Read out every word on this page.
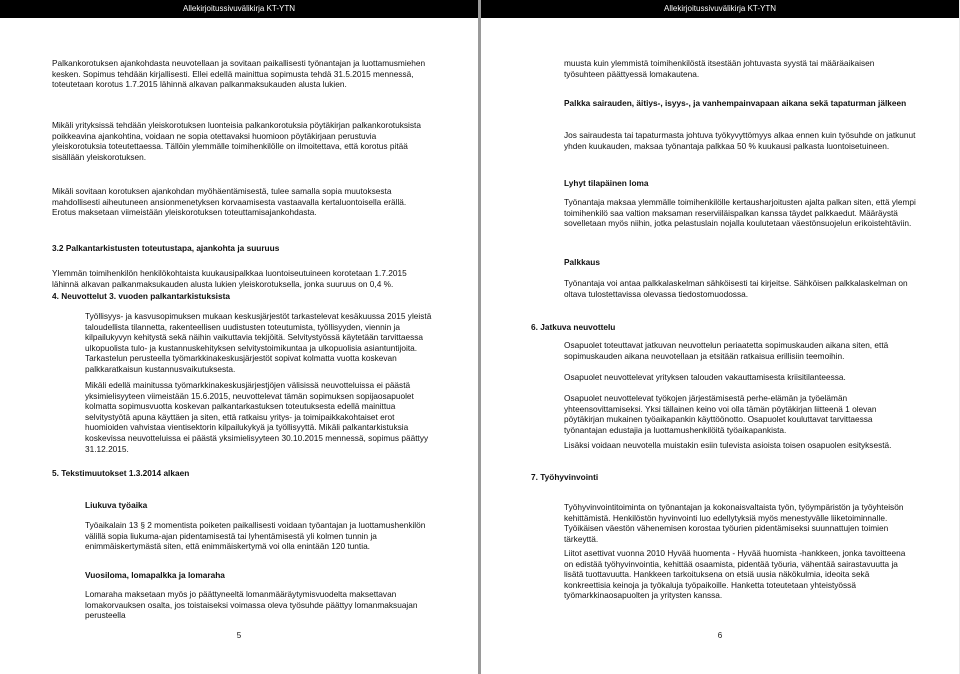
Allekirjoitussivuvälikirja KT-YTN

Palkankorotuksen ajankohdasta neuvotellaan ja sovitaan paikallisesti työnantajan ja luottamusmiehen kesken. Sopimus tehdään kirjallisesti. Ellei edellä mainittua sopimusta tehdä 31.5.2015 mennessä, toteutetaan korotus 1.7.2015 lähinnä alkavan palkanmaksukauden alusta lukien.

Mikäli yrityksissä tehdään yleiskorotuksen luonteisia palkankorotuksia pöytäkirjan palkankorotuksista poikkeavina ajankohtina, voidaan ne sopia otettavaksi huomioon pöytäkirjaan perustuvia yleiskorotuksia toteutettaessa. Tällöin ylemmälle toimihenkilölle on ilmoitettava, että korotus pitää sisällään yleiskorotuksen.

Mikäli sovitaan korotuksen ajankohdan myöhäentämisestä, tulee samalla sopia muutoksesta mahdollisesti aiheutuneen ansionmenetyksen korvaamisesta vastaavalla kertaluontoisella erällä. Erotus maksetaan viimeistään yleiskorotuksen toteuttamisajankohdasta.

3.2 Palkantarkistusten toteutustapa, ajankohta ja suuruus

Ylemmän toimihenkilön henkilökohtaista kuukausipalkkaa luontoiseutuineen korotetaan 1.7.2015 lähinnä alkavan palkanmaksukauden alusta lukien yleiskorotuksella, jonka suuruus on 0,4 %.

4. Neuvottelut 3. vuoden palkantarkistuksista

Työllisyys- ja kasvusopimuksen mukaan keskusjärjestöt tarkastelevat kesäkuussa 2015 yleistä taloudellista tilannetta, rakenteellisen uudistusten toteutumista, työllisyyden, viennin ja kilpailukyvyn kehitystä sekä näihin vaikuttavia tekijöitä. Selvitystyössä käytetään tarvittaessa ulkopuolista tulo- ja kustannuskehityksen selvitystoimikuntaa ja ulkopuolisia asiantuntijoita. Tarkastelun perusteella työmarkkinakeskusjärjestöt sopivat kolmatta vuotta koskevan palkkaratkaisun kustannusvaikutuksesta.

Mikäli edellä mainitussa työmarkkinakeskusjärjestjöjen välisissä neuvotteluissa ei päästä yksimielisyyteen viimeistään 15.6.2015, neuvottelevat tämän sopimuksen sopijaosapuolet kolmatta sopimusvuotta koskevan palkantarkastuksen toteutuksesta edellä mainittua selvitystyötä apuna käyttäen ja siten, että ratkaisu yritys- ja toimipaikkakohtaiset erot huomioiden vahvistaa vientisektorin kilpailukykyä ja työllisyyttä. Mikäli palkantarkistuksia koskevissa neuvotteluissa ei päästä yksimielisyyteen 30.10.2015 mennessä, sopimus päättyy 31.12.2015.

5. Tekstimuutokset 1.3.2014 alkaen

Liukuva työaika

Työaikalain 13 § 2 momentista poiketen paikallisesti voidaan työantajan ja luottamushenkilön välillä sopia liukuma-ajan pidentamisestä tai lyhentämisestä yli kolmen tunnin ja enimmäiskertymästä siten, että enimmäiskertymä voi olla enintään 120 tuntia.

Vuosiloma, lomapalkka ja lomaraha

Lomaraha maksetaan myös jo päättyneeltä lomanmääräytymisvuodelta maksettavan lomakorvauksen osalta, jos toistaiseksi voimassa oleva työsuhde päättyy lomanmaksuajan perusteella

5
Allekirjoitussivuvälikirja KT-YTN

muusta kuin ylemmistä toimihenkilöstä itsestään johtuvasta syystä tai määräaikaisen työsuhteen päättyessä lomakautena.

Palkka sairauden, äitiys-, isyys-, ja vanhempainvapaan aikana sekä tapaturman jälkeen

Jos sairaudesta tai tapaturmasta johtuva työkyvyttömyys alkaa ennen kuin työsuhde on jatkunut yhden kuukauden, maksaa työnantaja palkkaa 50 % kuukausi palkasta luontoisetuineen.

Lyhyt tilapäinen loma

Työnantaja maksaa ylemmälle toimihenkilölle kertausharjoitusten ajalta palkan siten, että ylempi toimihenkilö saa valtion maksaman reserviiläispalkan kanssa täydet palkkaedut. Määräystä sovelletaan myös niihin, jotka pelastuslain nojalla koulutetaan väestönsuojelun erikoistehtäviin.

Palkkaus

Työnantaja voi antaa palkkalaskelman sähköisesti tai kirjeitse. Sähköisen palkkalaskelman on oltava tulostettavissa olevassa tiedostomuodossa.

6. Jatkuva neuvottelu

Osapuolet toteuttavat jatkuvan neuvottelun periaatetta sopimuskauden aikana siten, että sopimuskauden aikana neuvotellaan ja etsitään ratkaisua erillisiin teemoihin.

Osapuolet neuvottelevat yrityksen talouden vakauttamisesta kriisitilanteessa.

Osapuolet neuvottelevat työkojen järjestämisestä perhe-elämän ja työelämän yhteensovittamiseksi. Yksi tällainen keino voi olla tämän pöytäkirjan liitteenä 1 olevan pöytäkirjan mukainen työaikapankin käyttöönotto. Osapuolet kouluttavat tarvittaessa työnantajan edustajia ja luottamushenkilöitä työaikapankista.

Lisäksi voidaan neuvotella muistakin esiin tulevista asioista toisen osapuolen esityksestä.

7. Työhyvinvointi

Työhyvinvointitoiminta on työnantajan ja kokonaisvaltaista työn, työympäristön ja työyhteisön kehittämistä. Henkilöstön hyvinvointi luo edellytyksiä myös menestyvälle liiketoiminnalle. Työikäisen väestön vähenemisen korostaa työurien pidentämiseksi suunnattujen toimien tärkeyttä.

Liitot asettivat vuonna 2010 Hyvää huomenta - Hyvää huomista -hankkeen, jonka tavoitteena on edistää työhyvinvointia, kehittää osaamista, pidentää työuria, vähentää sairastavuutta ja lisätä tuottavuutta. Hankkeen tarkoituksena on etsiä uusia näkökulmia, ideoita sekä konkreettisia keinoja ja työkaluja työpaikoille. Hanketta toteutetaan yhteistyössä työmarkkinaosapuolten ja yritysten kanssa.

6
